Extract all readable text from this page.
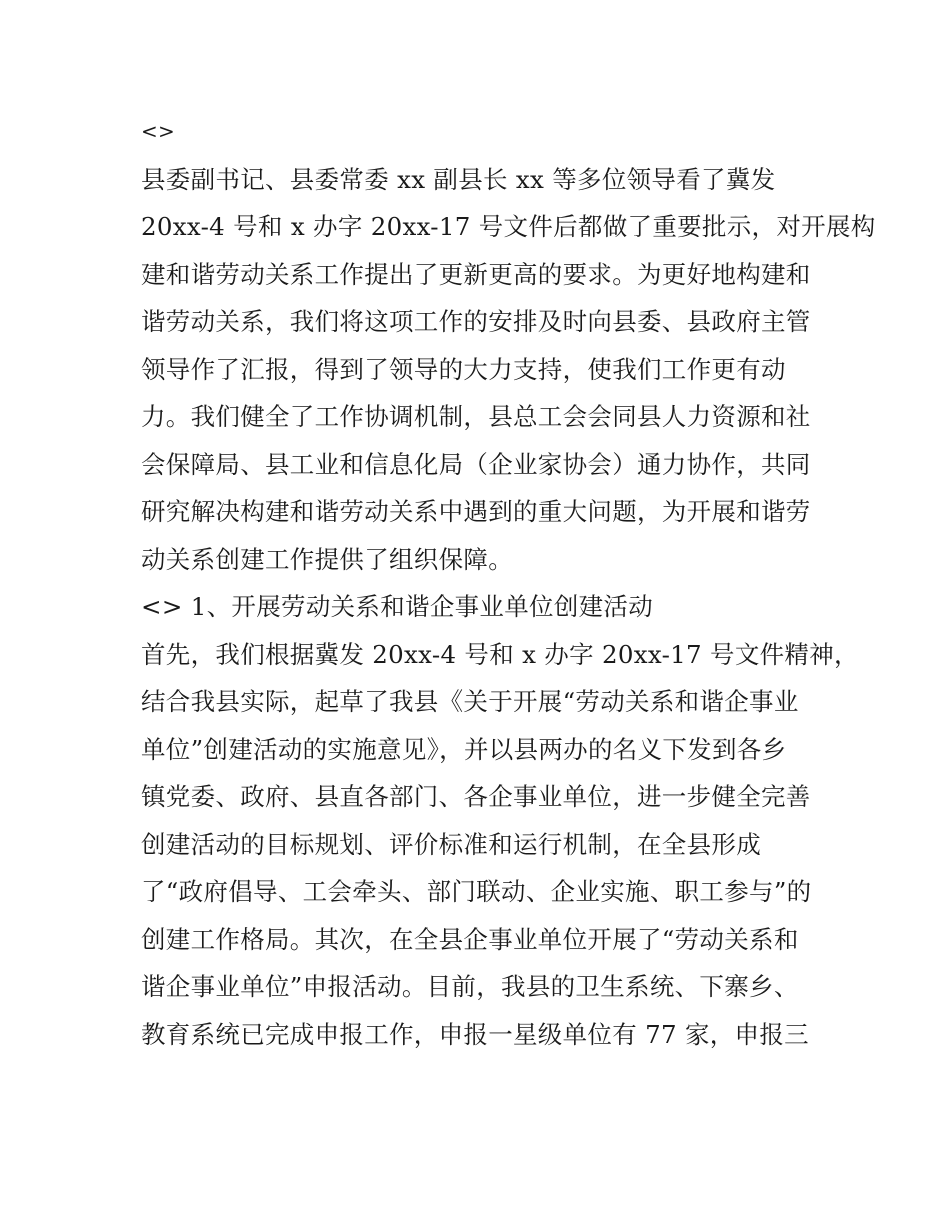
<>
县委副书记、县委常委 xx 副县长 xx 等多位领导看了冀发
20xx-4 号和 x 办字 20xx-17 号文件后都做了重要批示，对开展构
建和谐劳动关系工作提出了更新更高的要求。为更好地构建和
谐劳动关系，我们将这项工作的安排及时向县委、县政府主管
领导作了汇报，得到了领导的大力支持，使我们工作更有动
力。我们健全了工作协调机制，县总工会会同县人力资源和社
会保障局、县工业和信息化局（企业家协会）通力协作，共同
研究解决构建和谐劳动关系中遇到的重大问题，为开展和谐劳
动关系创建工作提供了组织保障。
<> 1、开展劳动关系和谐企事业单位创建活动
首先，我们根据冀发 20xx-4 号和 x 办字 20xx-17 号文件精神，
结合我县实际，起草了我县《关于开展“劳动关系和谐企事业
单位”创建活动的实施意见》，并以县两办的名义下发到各乡
镇党委、政府、县直各部门、各企事业单位，进一步健全完善
创建活动的目标规划、评价标准和运行机制，在全县形成
了“政府倡导、工会牵头、部门联动、企业实施、职工参与”的
创建工作格局。其次，在全县企事业单位开展了“劳动关系和
谐企事业单位”申报活动。目前，我县的卫生系统、下寨乡、
教育系统已完成申报工作，申报一星级单位有 77 家，申报三
